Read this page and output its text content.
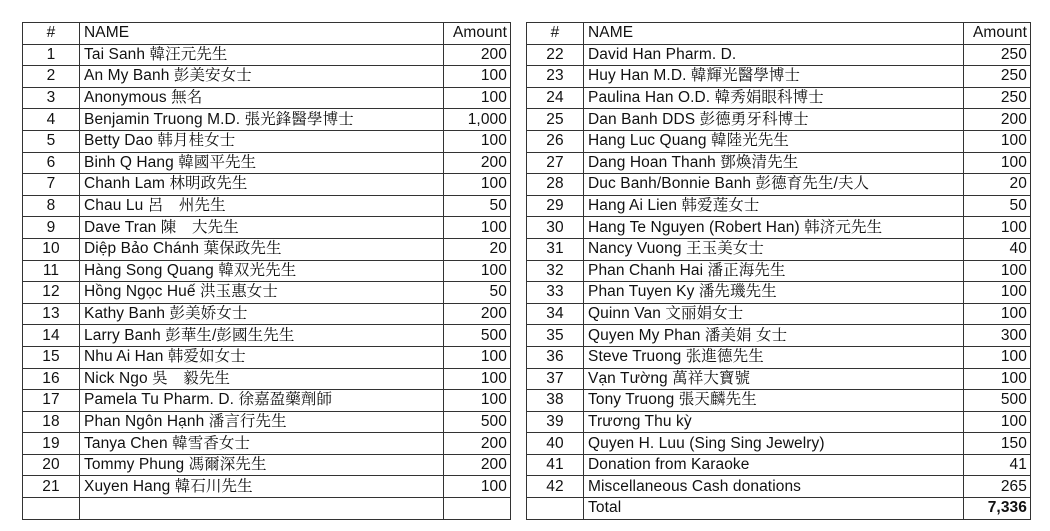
#	NAME	Amount
1	Tai Sanh 韓汪元先生	200
2	An My Banh 彭美安女士	100
3	Anonymous 無名	100
4	Benjamin Truong M.D. 張光鋒醫學博士	1,000
5	Betty Dao 韩月桂女士	100
6	Binh Q Hang 韓國平先生	200
7	Chanh Lam 林明政先生	100
8	Chau Lu 呂　州先生	50
9	Dave Tran 陳　大先生	100
10	Diệp Bảo Chánh 葉保政先生	20
11	Hàng Song Quang 韓双光先生	100
12	Hồng Ngọc Huế 洪玉惠女士	50
13	Kathy Banh 彭美娇女士	200
14	Larry Banh 彭華生/彭國生先生	500
15	Nhu Ai Han 韩爱如女士	100
16	Nick Ngo 吳　毅先生	100
17	Pamela Tu Pharm. D. 徐嘉盈藥劑師	100
18	Phan Ngôn Hạnh 潘言行先生	500
19	Tanya Chen 韓雪香女士	200
20	Tommy Phung 馮爾深先生	200
21	Xuyen Hang 韓石川先生	100

#	NAME	Amount
22	David Han Pharm. D.	250
23	Huy Han M.D. 韓輝光醫學博士	250
24	Paulina Han O.D. 韓秀娟眼科博士	250
25	Dan Banh DDS 彭德勇牙科博士	200
26	Hang Luc Quang 韓陸光先生	100
27	Dang Hoan Thanh 鄧煥清先生	100
28	Duc Banh/Bonnie Banh 彭德育先生/夫人	20
29	Hang Ai Lien 韩爱莲女士	50
30	Hang Te Nguyen (Robert Han) 韩济元先生	100
31	Nancy Vuong 王玉美女士	40
32	Phan Chanh Hai 潘正海先生	100
33	Phan Tuyen Ky 潘先璣先生	100
34	Quinn Van 文丽娟女士	100
35	Quyen My Phan 潘美娟 女士	300
36	Steve Truong 张進德先生	100
37	Vạn Tường 萬祥大寶號	100
38	Tony Truong 張天麟先生	500
39	Trương Thu kỳ	100
40	Quyen H. Luu (Sing Sing Jewelry)	150
41	Donation from Karaoke	41
42	Miscellaneous Cash donations	265
	Total	7,336
